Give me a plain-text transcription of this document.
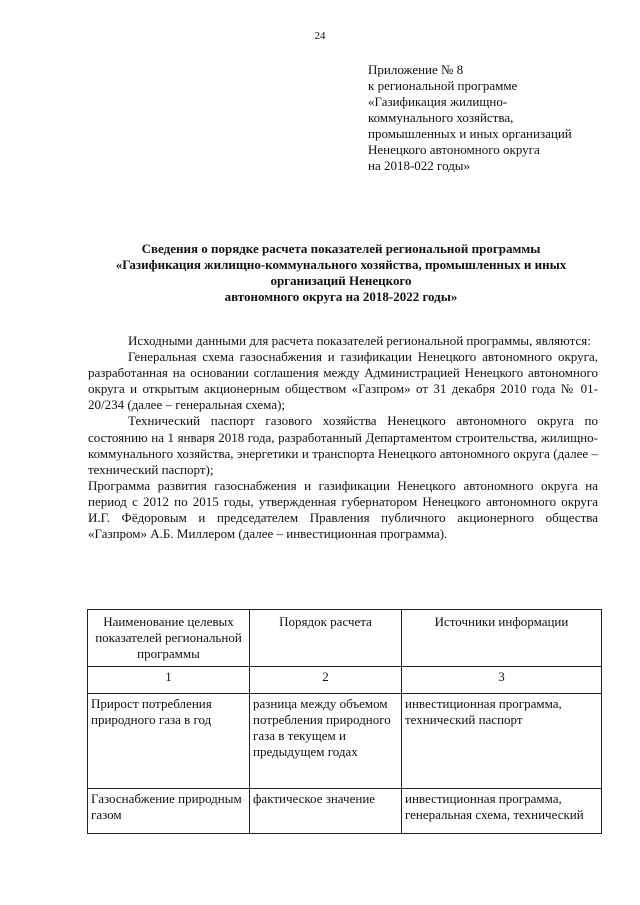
24
Приложение № 8
к региональной программе
«Газификация жилищно-
коммунального хозяйства,
промышленных и иных организаций
Ненецкого автономного округа
на 2018-022 годы»
Сведения о порядке расчета показателей региональной программы
«Газификация жилищно-коммунального хозяйства, промышленных и иных
организаций Ненецкого
автономного округа на 2018-2022 годы»

Исходными данными для расчета показателей региональной программы, являются:

Генеральная схема газоснабжения и газификации Ненецкого автономного округа, разработанная на основании соглашения между Администрацией Ненецкого автономного округа и открытым акционерным обществом «Газпром» от 31 декабря 2010 года № 01-20/234 (далее – генеральная схема);

Технический паспорт газового хозяйства Ненецкого автономного округа по состоянию на 1 января 2018 года, разработанный Департаментом строительства, жилищно-коммунального хозяйства, энергетики и транспорта Ненецкого автономного округа (далее – технический паспорт);

Программа развития газоснабжения и газификации Ненецкого автономного округа на период с 2012 по 2015 годы, утвержденная губернатором Ненецкого автономного округа И.Г. Фёдоровым и председателем Правления публичного акционерного общества «Газпром» А.Б. Миллером (далее – инвестиционная программа).

Наименование целевых показателей региональной программы	Порядок расчета	Источники информации
1	2	3
Прирост потребления природного газа в год	разница между объемом потребления природного газа в текущем и предыдущем годах	инвестиционная программа, технический паспорт
Газоснабжение природным газом	фактическое значение	инвестиционная программа, генеральная схема, технический
